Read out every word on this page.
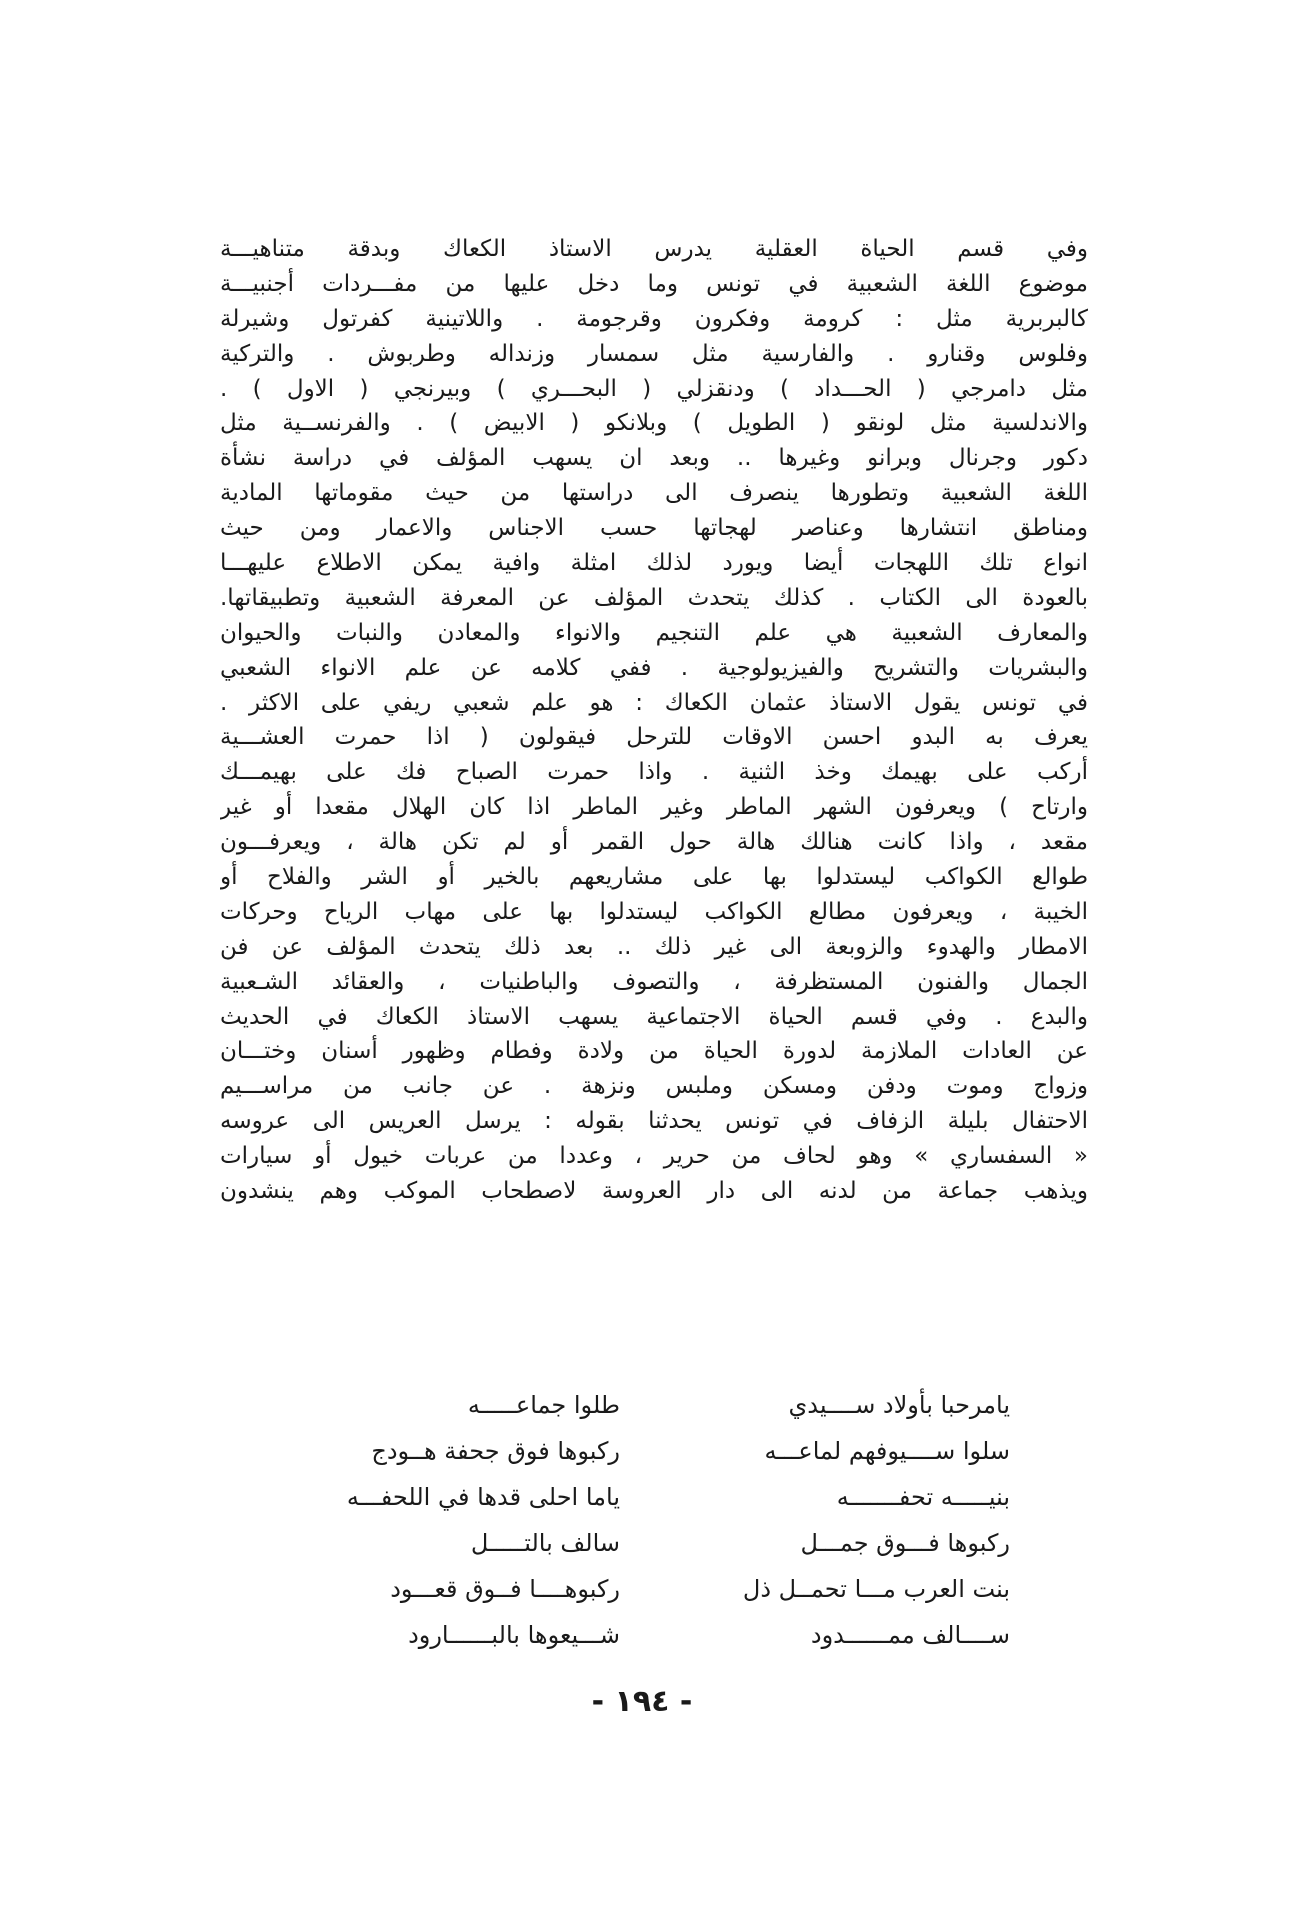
وفي قسم الحياة العقلية يدرس الاستاذ الكعاك وبدقة متناهيـــة
موضوع اللغة الشعبية في تونس وما دخل عليها من مفـــردات أجنبيـــة
كالبربرية مثل : كرومة وفكرون وقرجومة . واللاتينية كفرتول وشيرلة
وفلوس وقنارو . والفارسية مثل سمسار وزنداله وطربوش . والتركية
مثل دامرجي ( الحـــداد ) ودنقزلي ( البحـــري ) وبيرنجي ( الاول ) .
والاندلسية مثل لونقو ( الطويل ) وبلانكو ( الابيض ) . والفرنســية مثل
دكور وجرنال وبرانو وغيرها .. وبعد ان يسهب المؤلف في دراسة نشأة
اللغة الشعبية وتطورها ينصرف الى دراستها من حيث مقوماتها المادية
ومناطق انتشارها وعناصر لهجاتها حسب الاجناس والاعمار ومن حيث
انواع تلك اللهجات أيضا ويورد لذلك امثلة وافية يمكن الاطلاع عليهـــا
بالعودة الى الكتاب . كذلك يتحدث المؤلف عن المعرفة الشعبية وتطبيقاتها.
والمعارف الشعبية هي علم التنجيم والانواء والمعادن والنبات والحيوان
والبشريات والتشريح والفيزيولوجية . ففي كلامه عن علم الانواء الشعبي
في تونس يقول الاستاذ عثمان الكعاك : هو علم شعبي ريفي على الاكثر .
يعرف به البدو احسن الاوقات للترحل فيقولون ( اذا حمرت العشـــية
أركب على بهيمك وخذ الثنية . واذا حمرت الصباح فك على بهيمـــك
وارتاح ) ويعرفون الشهر الماطر وغير الماطر اذا كان الهلال مقعدا أو غير
مقعد ، واذا كانت هنالك هالة حول القمر أو لم تكن هالة ، ويعرفـــون
طوالع الكواكب ليستدلوا بها على مشاريعهم بالخير أو الشر والفلاح أو
الخيبة ، ويعرفون مطالع الكواكب ليستدلوا بها على مهاب الرياح وحركات
الامطار والهدوء والزوبعة الى غير ذلك .. بعد ذلك يتحدث المؤلف عن فن
الجمال والفنون المستظرفة ، والتصوف والباطنيات ، والعقائد الشـعبية
والبدع . وفي قسم الحياة الاجتماعية يسهب الاستاذ الكعاك في الحديث
عن العادات الملازمة لدورة الحياة من ولادة وفطام وظهور أسنان وختـــان
وزواج وموت ودفن ومسكن وملبس ونزهة . عن جانب من مراســـيم
الاحتفال بليلة الزفاف في تونس يحدثنا بقوله : يرسل العريس الى عروسه
« السفساري » وهو لحاف من حرير ، وعددا من عربات خيول أو سيارات
ويذهب جماعة من لدنه الى دار العروسة لاصطحاب الموكب وهم ينشدون
يامرحبا بأولاد ســــيدي
طلوا جماعـــــه
سلوا ســــيوفهم لماعـــه
ركبوها فوق جحفة هــودج
بنيـــــه تحفـــــــه
ياما احلى قدها في اللحفـــه
ركبوها فـــوق جمـــل
سالف بالتـــــل
بنت العرب مـــا تحمــل ذل
ركبوهــــا فــوق قعـــود
ســــالف ممــــــدود
شـــيعوها بالبــــــارود
- ١٩٤ -
